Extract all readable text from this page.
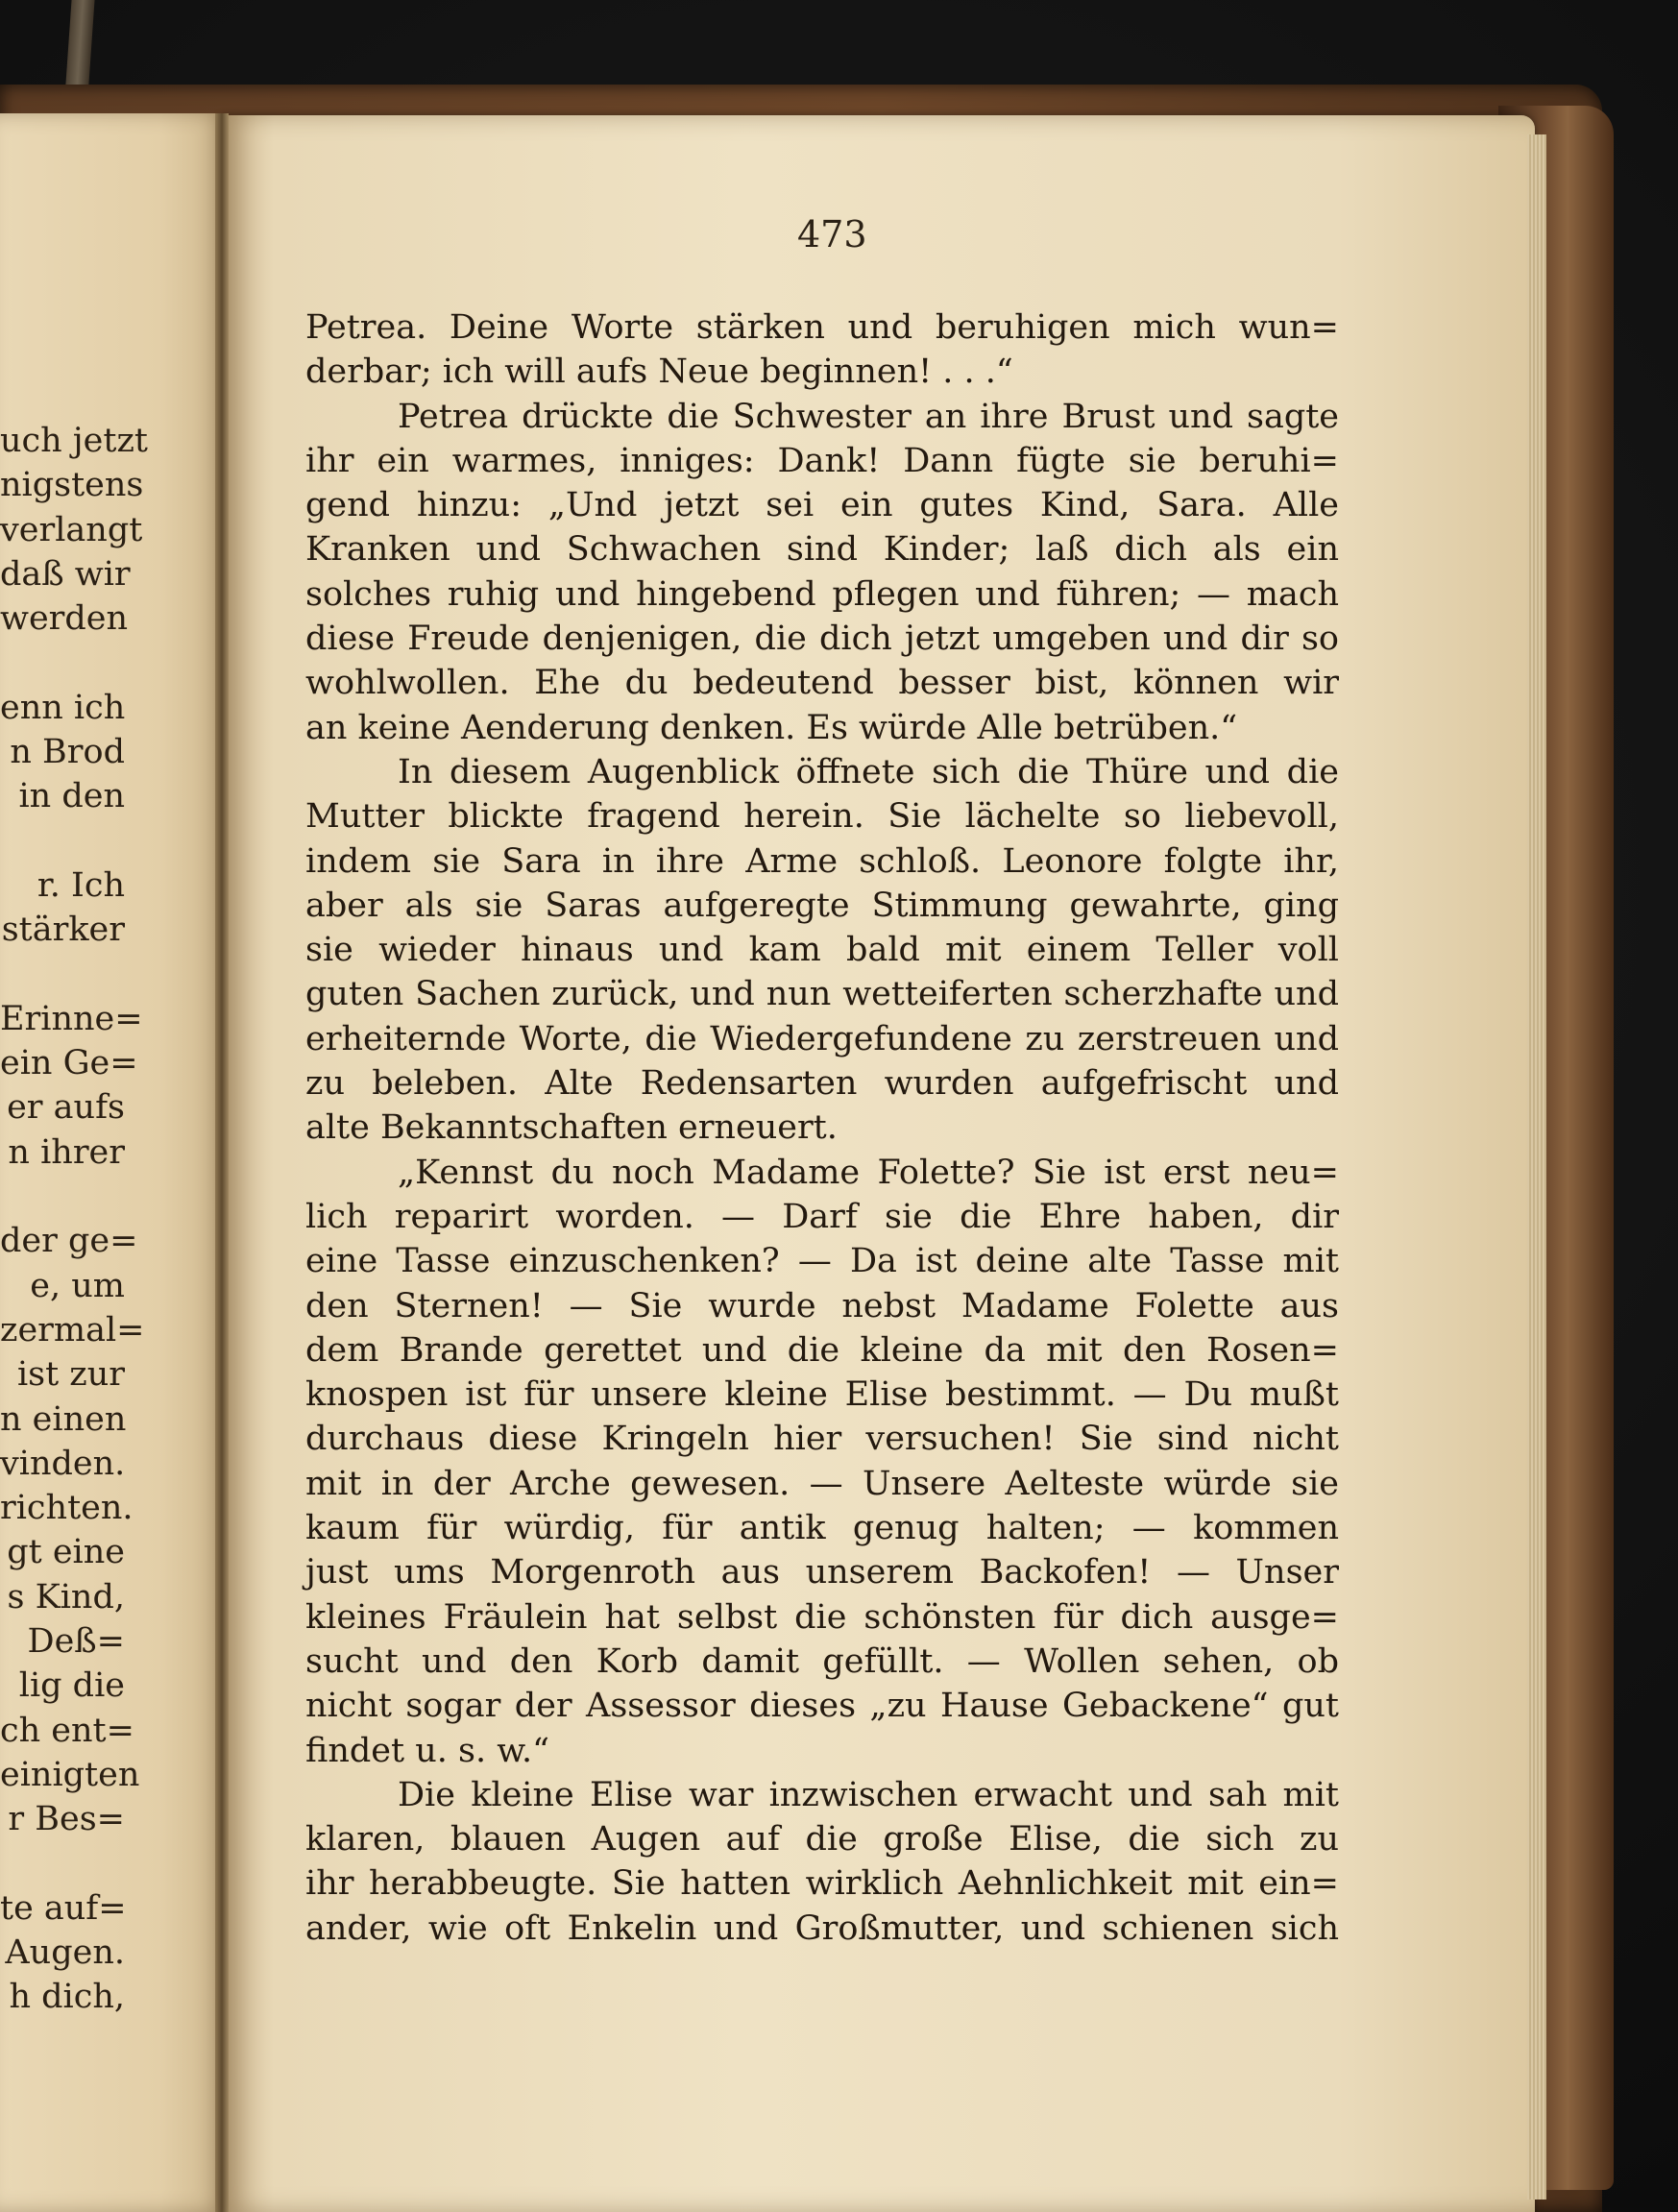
uch jetzt
nigstens
verlangt
daß wir
werden
enn ich
n Brod
in den
r. Ich
stärker
Erinne=
ein Ge=
er aufs
n ihrer
der ge=
e, um
zermal=
ist zur
n einen
vinden.
richten.
gt eine
s Kind,
Deß=
lig die
ch ent=
einigten
r Bes=
te auf=
Augen.
h dich,
473
Petrea. Deine Worte stärken und beruhigen mich wun=
derbar; ich will aufs Neue beginnen! . . .“
Petrea drückte die Schwester an ihre Brust und sagte
ihr ein warmes, inniges: Dank! Dann fügte sie beruhi=
gend hinzu: „Und jetzt sei ein gutes Kind, Sara. Alle
Kranken und Schwachen sind Kinder; laß dich als ein
solches ruhig und hingebend pflegen und führen; — mach
diese Freude denjenigen, die dich jetzt umgeben und dir so
wohlwollen. Ehe du bedeutend besser bist, können wir
an keine Aenderung denken. Es würde Alle betrüben.“
In diesem Augenblick öffnete sich die Thüre und die
Mutter blickte fragend herein. Sie lächelte so liebevoll,
indem sie Sara in ihre Arme schloß. Leonore folgte ihr,
aber als sie Saras aufgeregte Stimmung gewahrte, ging
sie wieder hinaus und kam bald mit einem Teller voll
guten Sachen zurück, und nun wetteiferten scherzhafte und
erheiternde Worte, die Wiedergefundene zu zerstreuen und
zu beleben. Alte Redensarten wurden aufgefrischt und
alte Bekanntschaften erneuert.
„Kennst du noch Madame Folette? Sie ist erst neu=
lich reparirt worden. — Darf sie die Ehre haben, dir
eine Tasse einzuschenken? — Da ist deine alte Tasse mit
den Sternen! — Sie wurde nebst Madame Folette aus
dem Brande gerettet und die kleine da mit den Rosen=
knospen ist für unsere kleine Elise bestimmt. — Du mußt
durchaus diese Kringeln hier versuchen! Sie sind nicht
mit in der Arche gewesen. — Unsere Aelteste würde sie
kaum für würdig, für antik genug halten; — kommen
just ums Morgenroth aus unserem Backofen! — Unser
kleines Fräulein hat selbst die schönsten für dich ausge=
sucht und den Korb damit gefüllt. — Wollen sehen, ob
nicht sogar der Assessor dieses „zu Hause Gebackene“ gut
findet u. s. w.“
Die kleine Elise war inzwischen erwacht und sah mit
klaren, blauen Augen auf die große Elise, die sich zu
ihr herabbeugte. Sie hatten wirklich Aehnlichkeit mit ein=
ander, wie oft Enkelin und Großmutter, und schienen sich
